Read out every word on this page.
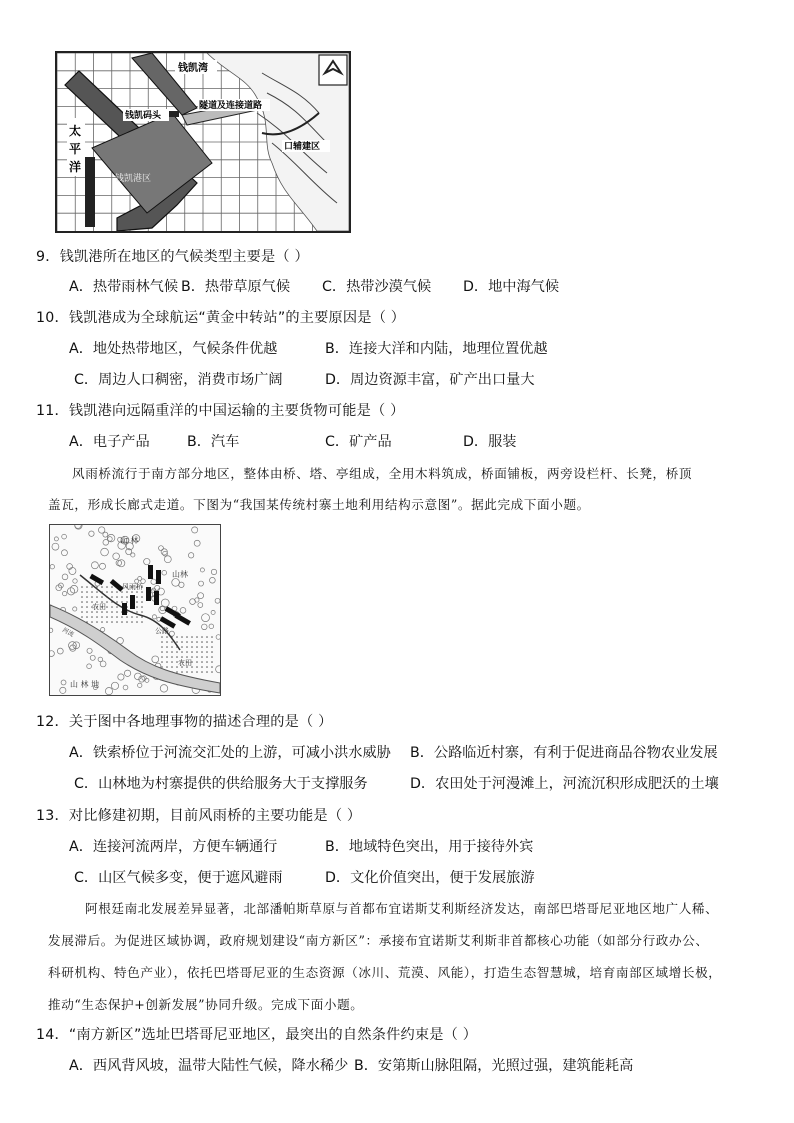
钱凯湾
隧道及连接道路
钱凯码头
口辅建区
太
平
洋
钱凯港区
9．钱凯港所在地区的气候类型主要是（ ）
A．热带雨林气候 B．热带草原气候 C．热带沙漠气候 D．地中海气候
10．钱凯港成为全球航运“黄金中转站”的主要原因是（ ）
A．地处热带地区，气候条件优越	B．连接大洋和内陆，地理位置优越
C．周边人口稠密，消费市场广阔	D．周边资源丰富，矿产出口量大
11．钱凯港向远隔重洋的中国运输的主要货物可能是（ ）
A．电子产品	B．汽车	C．矿产品	D．服装
风雨桥流行于南方部分地区，整体由桥、塔、亭组成，全用木料筑成，桥面铺板，两旁设栏杆、长凳，桥顶
盖瓦，形成长廊式走道。下图为“我国某传统村寨土地利用结构示意图”。据此完成下面小题。
山 林
山林
风雨桥
农田
农田
河流	公路
山 林 地
12．关于图中各地理事物的描述合理的是（ ）
A．铁索桥位于河流交汇处的上游，可减小洪水威胁 B．公路临近村寨，有利于促进商品谷物农业发展
C．山林地为村寨提供的供给服务大于支撑服务	D．农田处于河漫滩上，河流沉积形成肥沃的土壤
13．对比修建初期，目前风雨桥的主要功能是（ ）
A．连接河流两岸，方便车辆通行	B．地域特色突出，用于接待外宾
C．山区气候多变，便于遮风避雨	D．文化价值突出，便于发展旅游
阿根廷南北发展差异显著，北部潘帕斯草原与首都布宜诺斯艾利斯经济发达，南部巴塔哥尼亚地区地广人稀、
发展滞后。为促进区域协调，政府规划建设“南方新区”：承接布宜诺斯艾利斯非首都核心功能（如部分行政办公、
科研机构、特色产业），依托巴塔哥尼亚的生态资源（冰川、荒漠、风能），打造生态智慧城，培育南部区域增长极，
推动“生态保护+创新发展”协同升级。完成下面小题。
14．“南方新区”选址巴塔哥尼亚地区，最突出的自然条件约束是（ ）
A．西风背风坡，温带大陆性气候，降水稀少 B．安第斯山脉阻隔，光照过强，建筑能耗高
